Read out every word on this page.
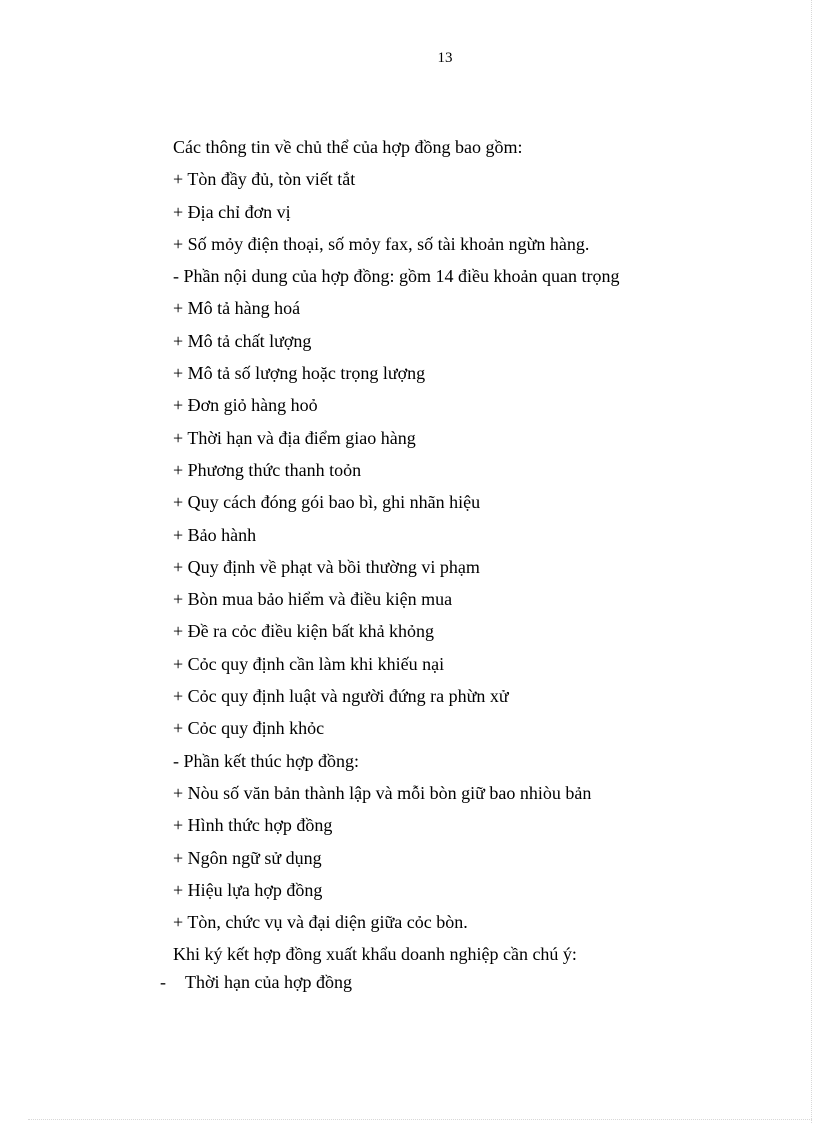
13
Các thông tin về chủ thể của hợp đồng bao gồm:
+ Tòn đầy đủ, tòn viết tắt
+ Địa chỉ đơn vị
+ Số mỏy điện thoại, số mỏy fax, số tài khoản ngừn hàng.
- Phần nội dung của hợp đồng: gồm 14 điều khoản quan trọng
+ Mô tả hàng hoá
+ Mô tả chất lượng
+ Mô tả số lượng hoặc trọng lượng
+ Đơn giỏ hàng hoỏ
+ Thời hạn và địa điểm giao hàng
+ Phương thức thanh toỏn
+ Quy cách đóng gói bao bì, ghi nhãn hiệu
+ Bảo hành
+ Quy định về phạt và bồi thường vi phạm
+ Bòn mua bảo hiểm và điều kiện mua
+ Đề ra cỏc điều kiện bất khả khỏng
+ Cỏc quy định cần làm khi khiếu nại
+ Cỏc quy định luật và người đứng ra phừn xử
+ Cỏc quy định khỏc
- Phần kết thúc hợp đồng:
+ Nòu số văn bản thành lập và mỗi bòn giữ bao nhiòu bản
+ Hình thức hợp đồng
+ Ngôn ngữ sử dụng
+ Hiệu lựa hợp đồng
+ Tòn, chức vụ và đại diện giữa cỏc bòn.
Khi ký kết hợp đồng xuất khẩu doanh nghiệp cần chú ý:
- Thời hạn của hợp đồng
